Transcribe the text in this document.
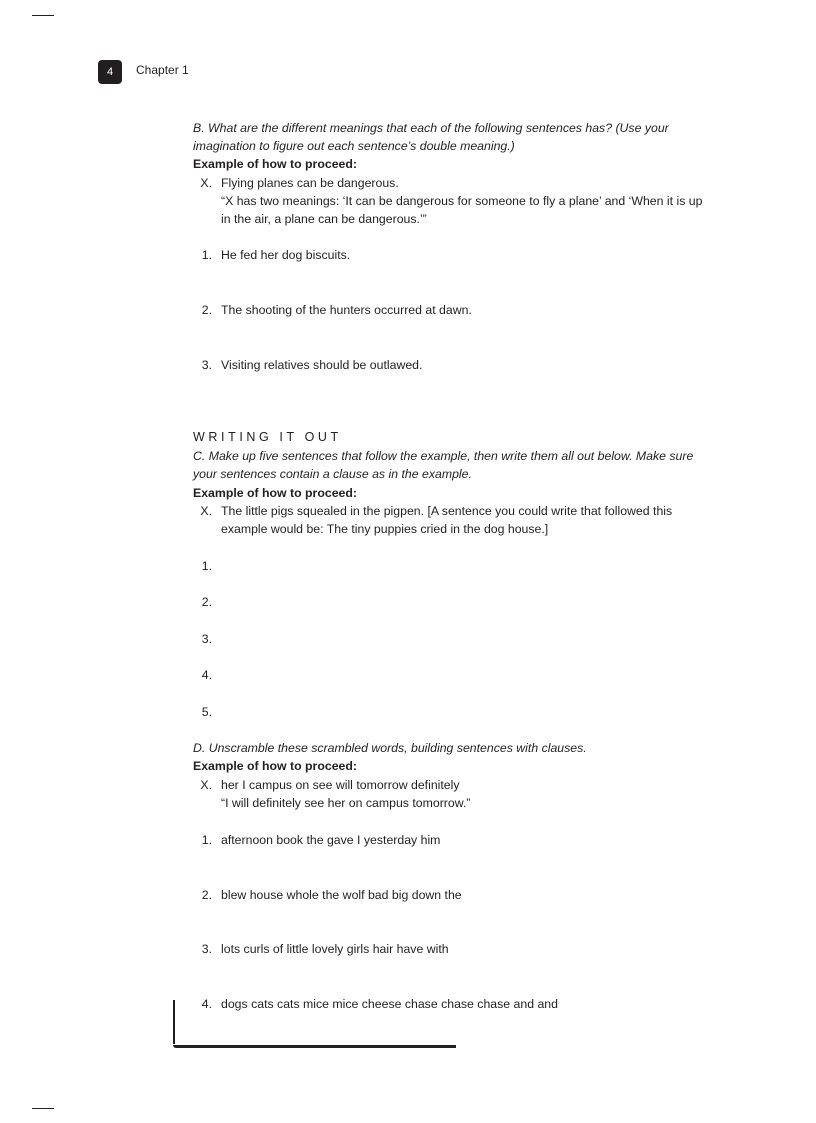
4	Chapter 1
B. What are the different meanings that each of the following sentences has? (Use your
imagination to figure out each sentence’s double meaning.)
Example of how to proceed:
X. Flying planes can be dangerous.
“X has two meanings: ‘It can be dangerous for someone to fly a plane’ and ‘When it is up
in the air, a plane can be dangerous.’”
1. He fed her dog biscuits.
2. The shooting of the hunters occurred at dawn.
3. Visiting relatives should be outlawed.
WRITING IT OUT
C. Make up five sentences that follow the example, then write them all out below. Make sure
your sentences contain a clause as in the example.
Example of how to proceed:
X. The little pigs squealed in the pigpen. [A sentence you could write that followed this
example would be: The tiny puppies cried in the dog house.]
1.
2.
3.
4.
5.
D. Unscramble these scrambled words, building sentences with clauses.
Example of how to proceed:
X. her I campus on see will tomorrow definitely
“I will definitely see her on campus tomorrow.”
1. afternoon book the gave I yesterday him
2. blew house whole the wolf bad big down the
3. lots curls of little lovely girls hair have with
4. dogs cats cats mice mice cheese chase chase chase and and
